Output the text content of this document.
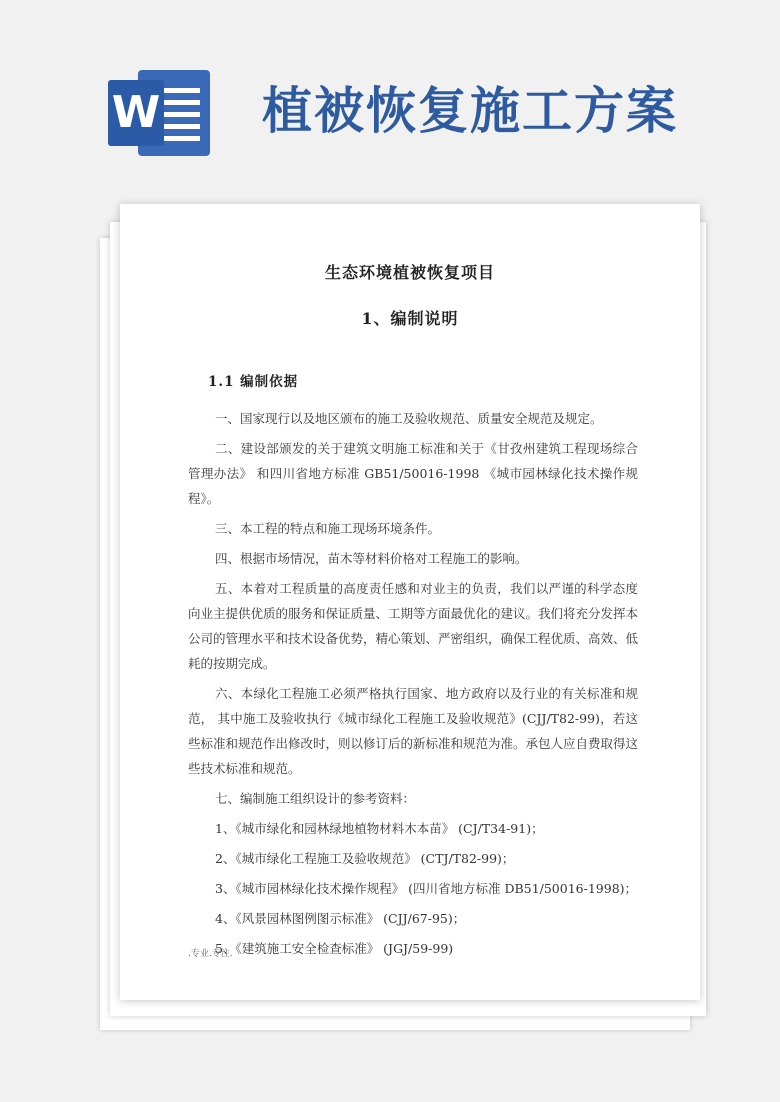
W 植被恢复施工方案
生态环境植被恢复项目
1、编制说明
1.1 编制依据

一、国家现行以及地区颁布的施工及验收规范、质量安全规范及规定。

二、建设部颁发的关于建筑文明施工标准和关于《甘孜州建筑工程现场综合管理办法》 和四川省地方标准 GB51/50016-1998 《城市园林绿化技术操作规程》。

三、本工程的特点和施工现场环境条件。

四、根据市场情况，苗木等材料价格对工程施工的影响。

五、本着对工程质量的高度责任感和对业主的负责，我们以严谨的科学态度向业主提供优质的服务和保证质量、工期等方面最优化的建议。我们将充分发挥本公司的管理水平和技术设备优势，精心策划、严密组织，确保工程优质、高效、低耗的按期完成。

六、本绿化工程施工必须严格执行国家、地方政府以及行业的有关标准和规范， 其中施工及验收执行《城市绿化工程施工及验收规范》(CJJ/T82-99)，若这些标准和规范作出修改时，则以修订后的新标准和规范为准。承包人应自费取得这些技术标准和规范。

七、编制施工组织设计的参考资料：

1、《城市绿化和园林绿地植物材料木本苗》 (CJ/T34-91)；

2、《城市绿化工程施工及验收规范》 (CTJ/T82-99)；

3、《城市园林绿化技术操作规程》 (四川省地方标准 DB51/50016-1998)；

4、《风景园林图例图示标准》 (CJJ/67-95)；

5、《建筑施工安全检查标准》 (JGJ/59-99)

.专业.专注.
